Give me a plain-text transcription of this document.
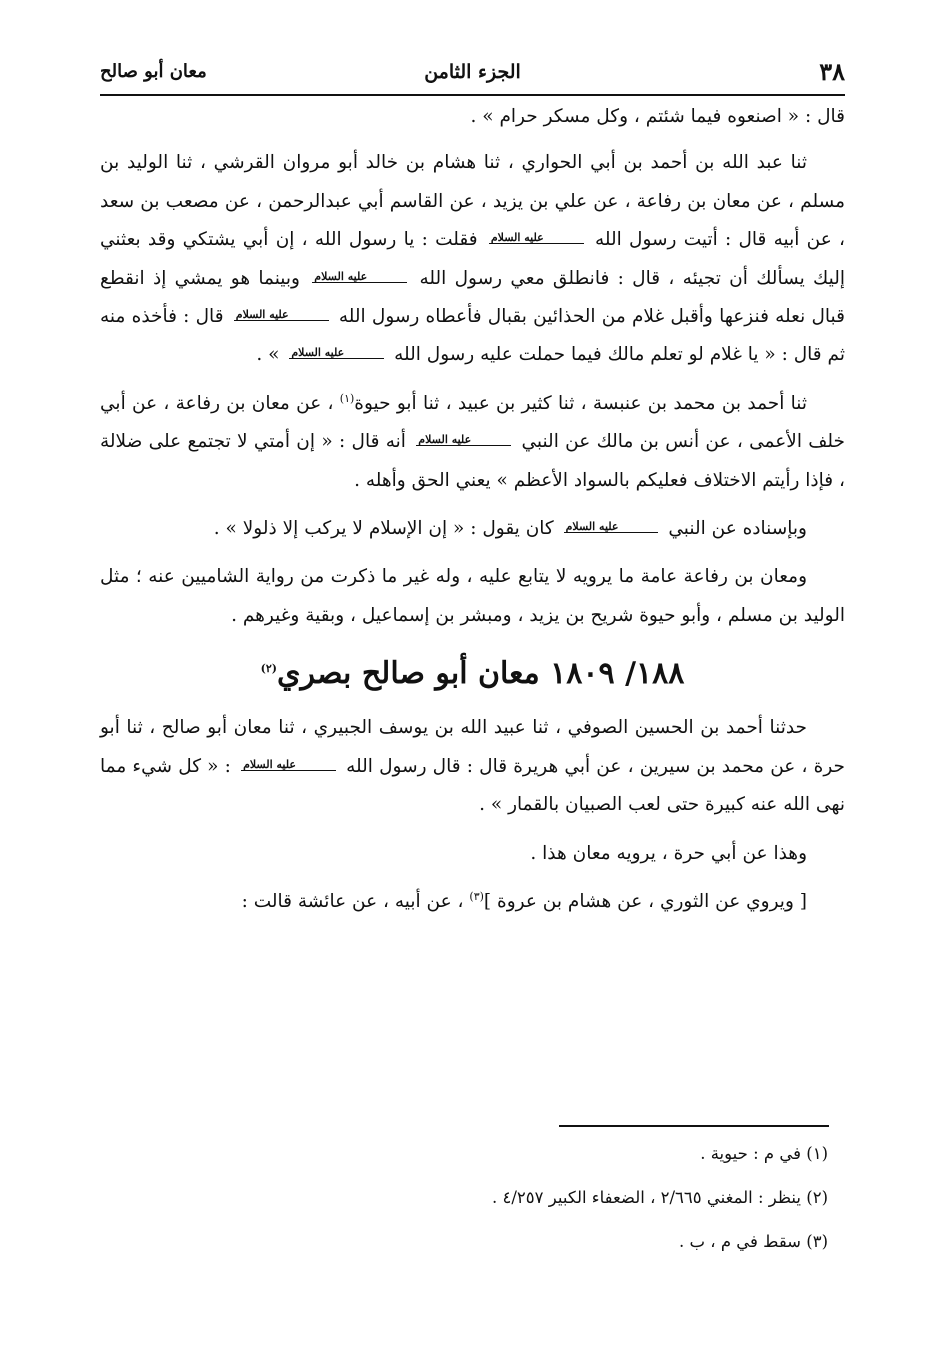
٣٨
الجزء الثامن
معان أبو صالح

قال : « اصنعوه فيما شئتم ، وكل مسكر حرام » .

ثنا عبد الله بن أحمد بن أبي الحواري ، ثنا هشام بن خالد أبو مروان القرشي ، ثنا الوليد بن مسلم ، عن معان بن رفاعة ، عن علي بن يزيد ، عن القاسم أبي عبدالرحمن ، عن مصعب بن سعد ، عن أبيه قال : أتيت رسول الله عليه السلام فقلت : يا رسول الله ، إن أبي يشتكي وقد بعثني إليك يسألك أن تجيئه ، قال : فانطلق معي رسول الله عليه السلام وبينما هو يمشي إذ انقطع قبال نعله فنزعها وأقبل غلام من الحذائين بقبال فأعطاه رسول الله عليه السلام قال : فأخذه منه ثم قال : « يا غلام لو تعلم مالك فيما حملت عليه رسول الله عليه السلام » .

ثنا أحمد بن محمد بن عنبسة ، ثنا كثير بن عبيد ، ثنا أبو حيوة$^{(١)}$ ، عن معان بن رفاعة ، عن أبي خلف الأعمى ، عن أنس بن مالك عن النبي عليه السلام أنه قال : « إن أمتي لا تجتمع على ضلالة ، فإذا رأيتم الاختلاف فعليكم بالسواد الأعظم » يعني الحق وأهله .

وبإسناده عن النبي عليه السلام كان يقول : « إن الإسلام لا يركب إلا ذلولا » .

ومعان بن رفاعة عامة ما يرويه لا يتابع عليه ، وله غير ما ذكرت من رواية الشاميين عنه ؛ مثل الوليد بن مسلم ، وأبو حيوة شريح بن يزيد ، ومبشر بن إسماعيل ، وبقية وغيرهم .

١٨٨/ ١٨٠٩ معان أبو صالح بصري$^{(٢)}$

حدثنا أحمد بن الحسين الصوفي ، ثنا عبيد الله بن يوسف الجبيري ، ثنا معان أبو صالح ، ثنا أبو حرة ، عن محمد بن سيرين ، عن أبي هريرة قال : قال رسول الله عليه السلام : « كل شيء مما نهى الله عنه كبيرة حتى لعب الصبيان بالقمار » .

وهذا عن أبي حرة ، يرويه معان هذا .

[ ويروي عن الثوري ، عن هشام بن عروة ]$^{(٣)}$ ، عن أبيه ، عن عائشة قالت :

(١) في م : حيوية .
(٢) ينظر : المغني ٢/٦٦٥ ، الضعفاء الكبير ٤/٢٥٧ .
(٣) سقط في م ، ب .
